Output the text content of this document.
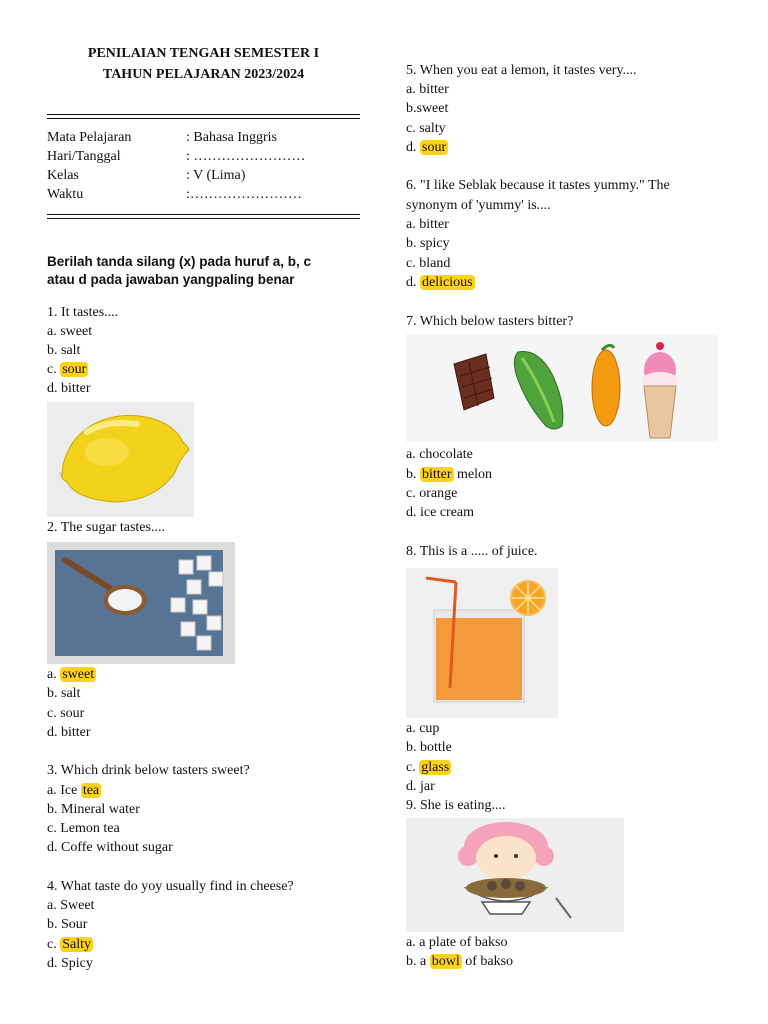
PENILAIAN TENGAH SEMESTER I
TAHUN PELAJARAN 2023/2024
Mata Pelajaran	: Bahasa Inggris
Hari/Tanggal	: ……………………
Kelas	: V (Lima)
Waktu	:……………………
Berilah tanda silang (x) pada huruf a, b, c
atau d pada jawaban yangpaling benar
1. It tastes....
a. sweet
b. salt
c. sour
d. bitter
2. The sugar tastes....
a. sweet
b. salt
c. sour
d. bitter
3. Which drink below tasters sweet?
a. Ice tea
b. Mineral water
c. Lemon tea
d. Coffe without sugar
4. What taste do yoy usually find in cheese?
a. Sweet
b. Sour
c. Salty
d. Spicy
5. When you eat a lemon, it tastes very....
a. bitter
b.sweet
c. salty
d. sour
6. "I like Seblak because it tastes yummy." The
synonym of 'yummy' is....
a. bitter
b. spicy
c. bland
d. delicious
7. Which below tasters bitter?
a. chocolate
b. bitter melon
c. orange
d. ice cream
8. This is a ..... of juice.
a. cup
b. bottle
c. glass
d. jar
9. She is eating....
a. a plate of bakso
b. a bowl of bakso
